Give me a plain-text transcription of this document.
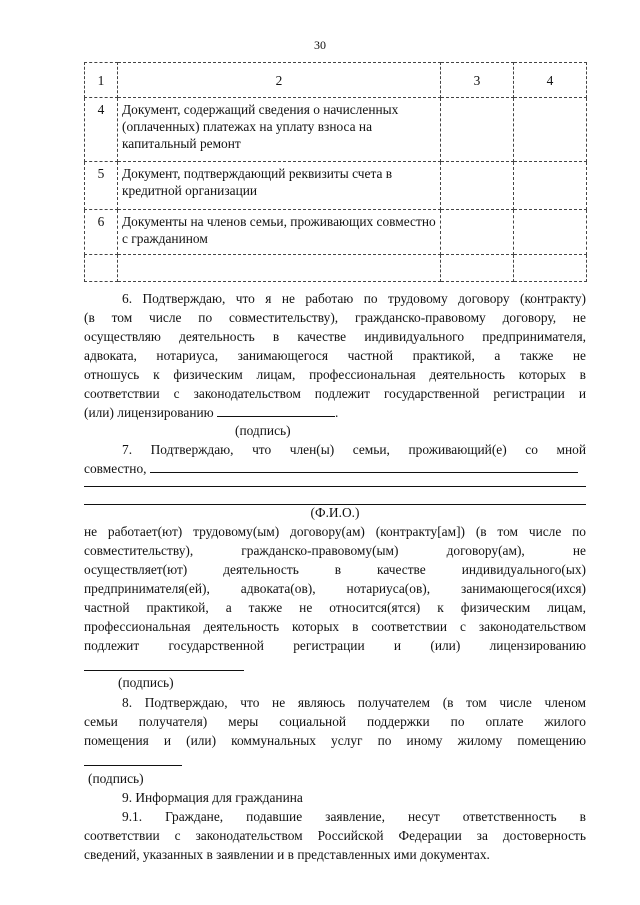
30
1	2	3	4
4	Документ, содержащий сведения о начисленных (оплаченных) платежах на уплату взноса на капитальный ремонт		
5	Документ, подтверждающий реквизиты счета в кредитной организации		
6	Документы на членов семьи, проживающих совместно с гражданином		

6. Подтверждаю, что я не работаю по трудовому договору (контракту)
(в том числе по совместительству), гражданско-правовому договору, не
осуществляю деятельность в качестве индивидуального предпринимателя,
адвоката, нотариуса, занимающегося частной практикой, а также не
отношусь к физическим лицам, профессиональная деятельность которых в
соответствии с законодательством подлежит государственной регистрации и
(или) лицензированию	.
(подпись)
7. Подтверждаю, что член(ы) семьи, проживающий(е) со мной
совместно,
(Ф.И.О.)
не работает(ют) трудовому(ым) договору(ам) (контракту[ам]) (в том числе по
совместительству), гражданско-правовому(ым) договору(ам), не
осуществляет(ют) деятельность в качестве индивидуального(ых)
предпринимателя(ей), адвоката(ов), нотариуса(ов), занимающегося(ихся)
частной практикой, а также не относится(ятся) к физическим лицам,
профессиональная деятельность которых в соответствии с законодательством
подлежит государственной регистрации и (или) лицензированию
(подпись)
8. Подтверждаю, что не являюсь получателем (в том числе членом
семьи получателя) меры социальной поддержки по оплате жилого
помещения и (или) коммунальных услуг по иному жилому помещению
(подпись)
9. Информация для гражданина
9.1. Граждане, подавшие заявление, несут ответственность в
соответствии с законодательством Российской Федерации за достоверность
сведений, указанных в заявлении и в представленных ими документах.
